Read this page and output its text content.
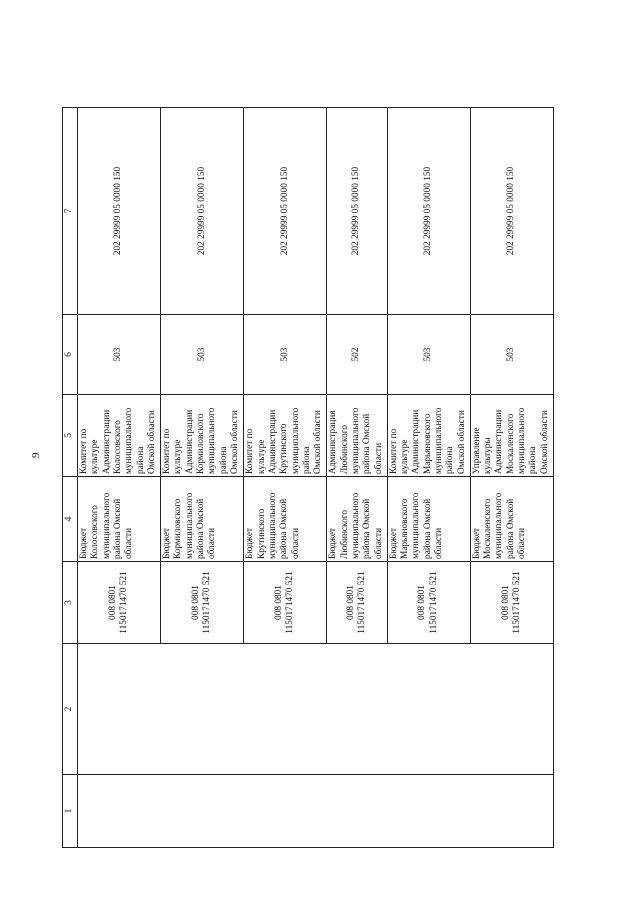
9
1	2	3	4	5	6	7

		008 0801 1150171470 521	Бюджет Колосовского муниципального района Омской области	Комитет по культуре Администрации Колосовского муниципального района Омской области	503	202 29999 05 0000 150

		008 0801 1150171470 521	Бюджет Кормиловского муниципального района Омской области	Комитет по культуре Администрации Кормиловского муниципального района Омской области	503	202 29999 05 0000 150

		008 0801 1150171470 521	Бюджет Крутинского муниципального района Омской области	Комитет по культуре Администрации Крутинского муниципального района Омской области	503	202 29999 05 0000 150

		008 0801 1150171470 521	Бюджет Любинского муниципального района Омской области	Администрация Любинского муниципального района Омской области	502	202 29999 05 0000 150

		008 0801 1150171470 521	Бюджет Марьяновского муниципального района Омской области	Комитет по культуре Администрации Марьяновского муниципального района Омской области	503	202 29999 05 0000 150

		008 0801 1150171470 521	Бюджет Москаленского муниципального района Омской области	Управление культуры Администрации Москаленского муниципального района Омской области	503	202 29999 05 0000 150
